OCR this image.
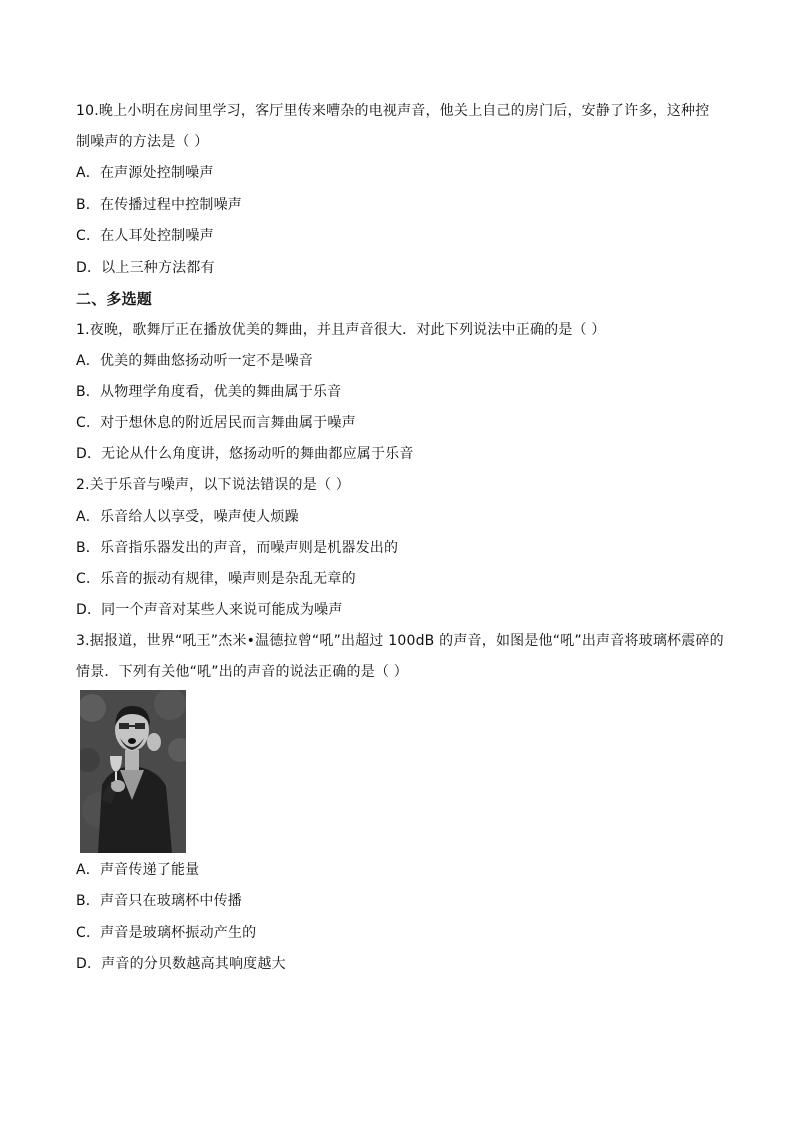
10.晚上小明在房间里学习，客厅里传来嘈杂的电视声音，他关上自己的房门后，安静了许多，这种控
制噪声的方法是（ ）
A．在声源处控制噪声
B．在传播过程中控制噪声
C．在人耳处控制噪声
D．以上三种方法都有
二、多选题
1.夜晚，歌舞厅正在播放优美的舞曲，并且声音很大．对此下列说法中正确的是（ ）
A．优美的舞曲悠扬动听一定不是噪音
B．从物理学角度看，优美的舞曲属于乐音
C．对于想休息的附近居民而言舞曲属于噪声
D．无论从什么角度讲，悠扬动听的舞曲都应属于乐音
2.关于乐音与噪声，以下说法错误的是（ ）
A．乐音给人以享受，噪声使人烦躁
B．乐音指乐器发出的声音，而噪声则是机器发出的
C．乐音的振动有规律，噪声则是杂乱无章的
D．同一个声音对某些人来说可能成为噪声
3.据报道，世界“吼王”杰米•温德拉曾“吼”出超过 100dB 的声音，如图是他“吼”出声音将玻璃杯震碎的
情景．下列有关他“吼”出的声音的说法正确的是（ ）
A．声音传递了能量
B．声音只在玻璃杯中传播
C．声音是玻璃杯振动产生的
D．声音的分贝数越高其响度越大
